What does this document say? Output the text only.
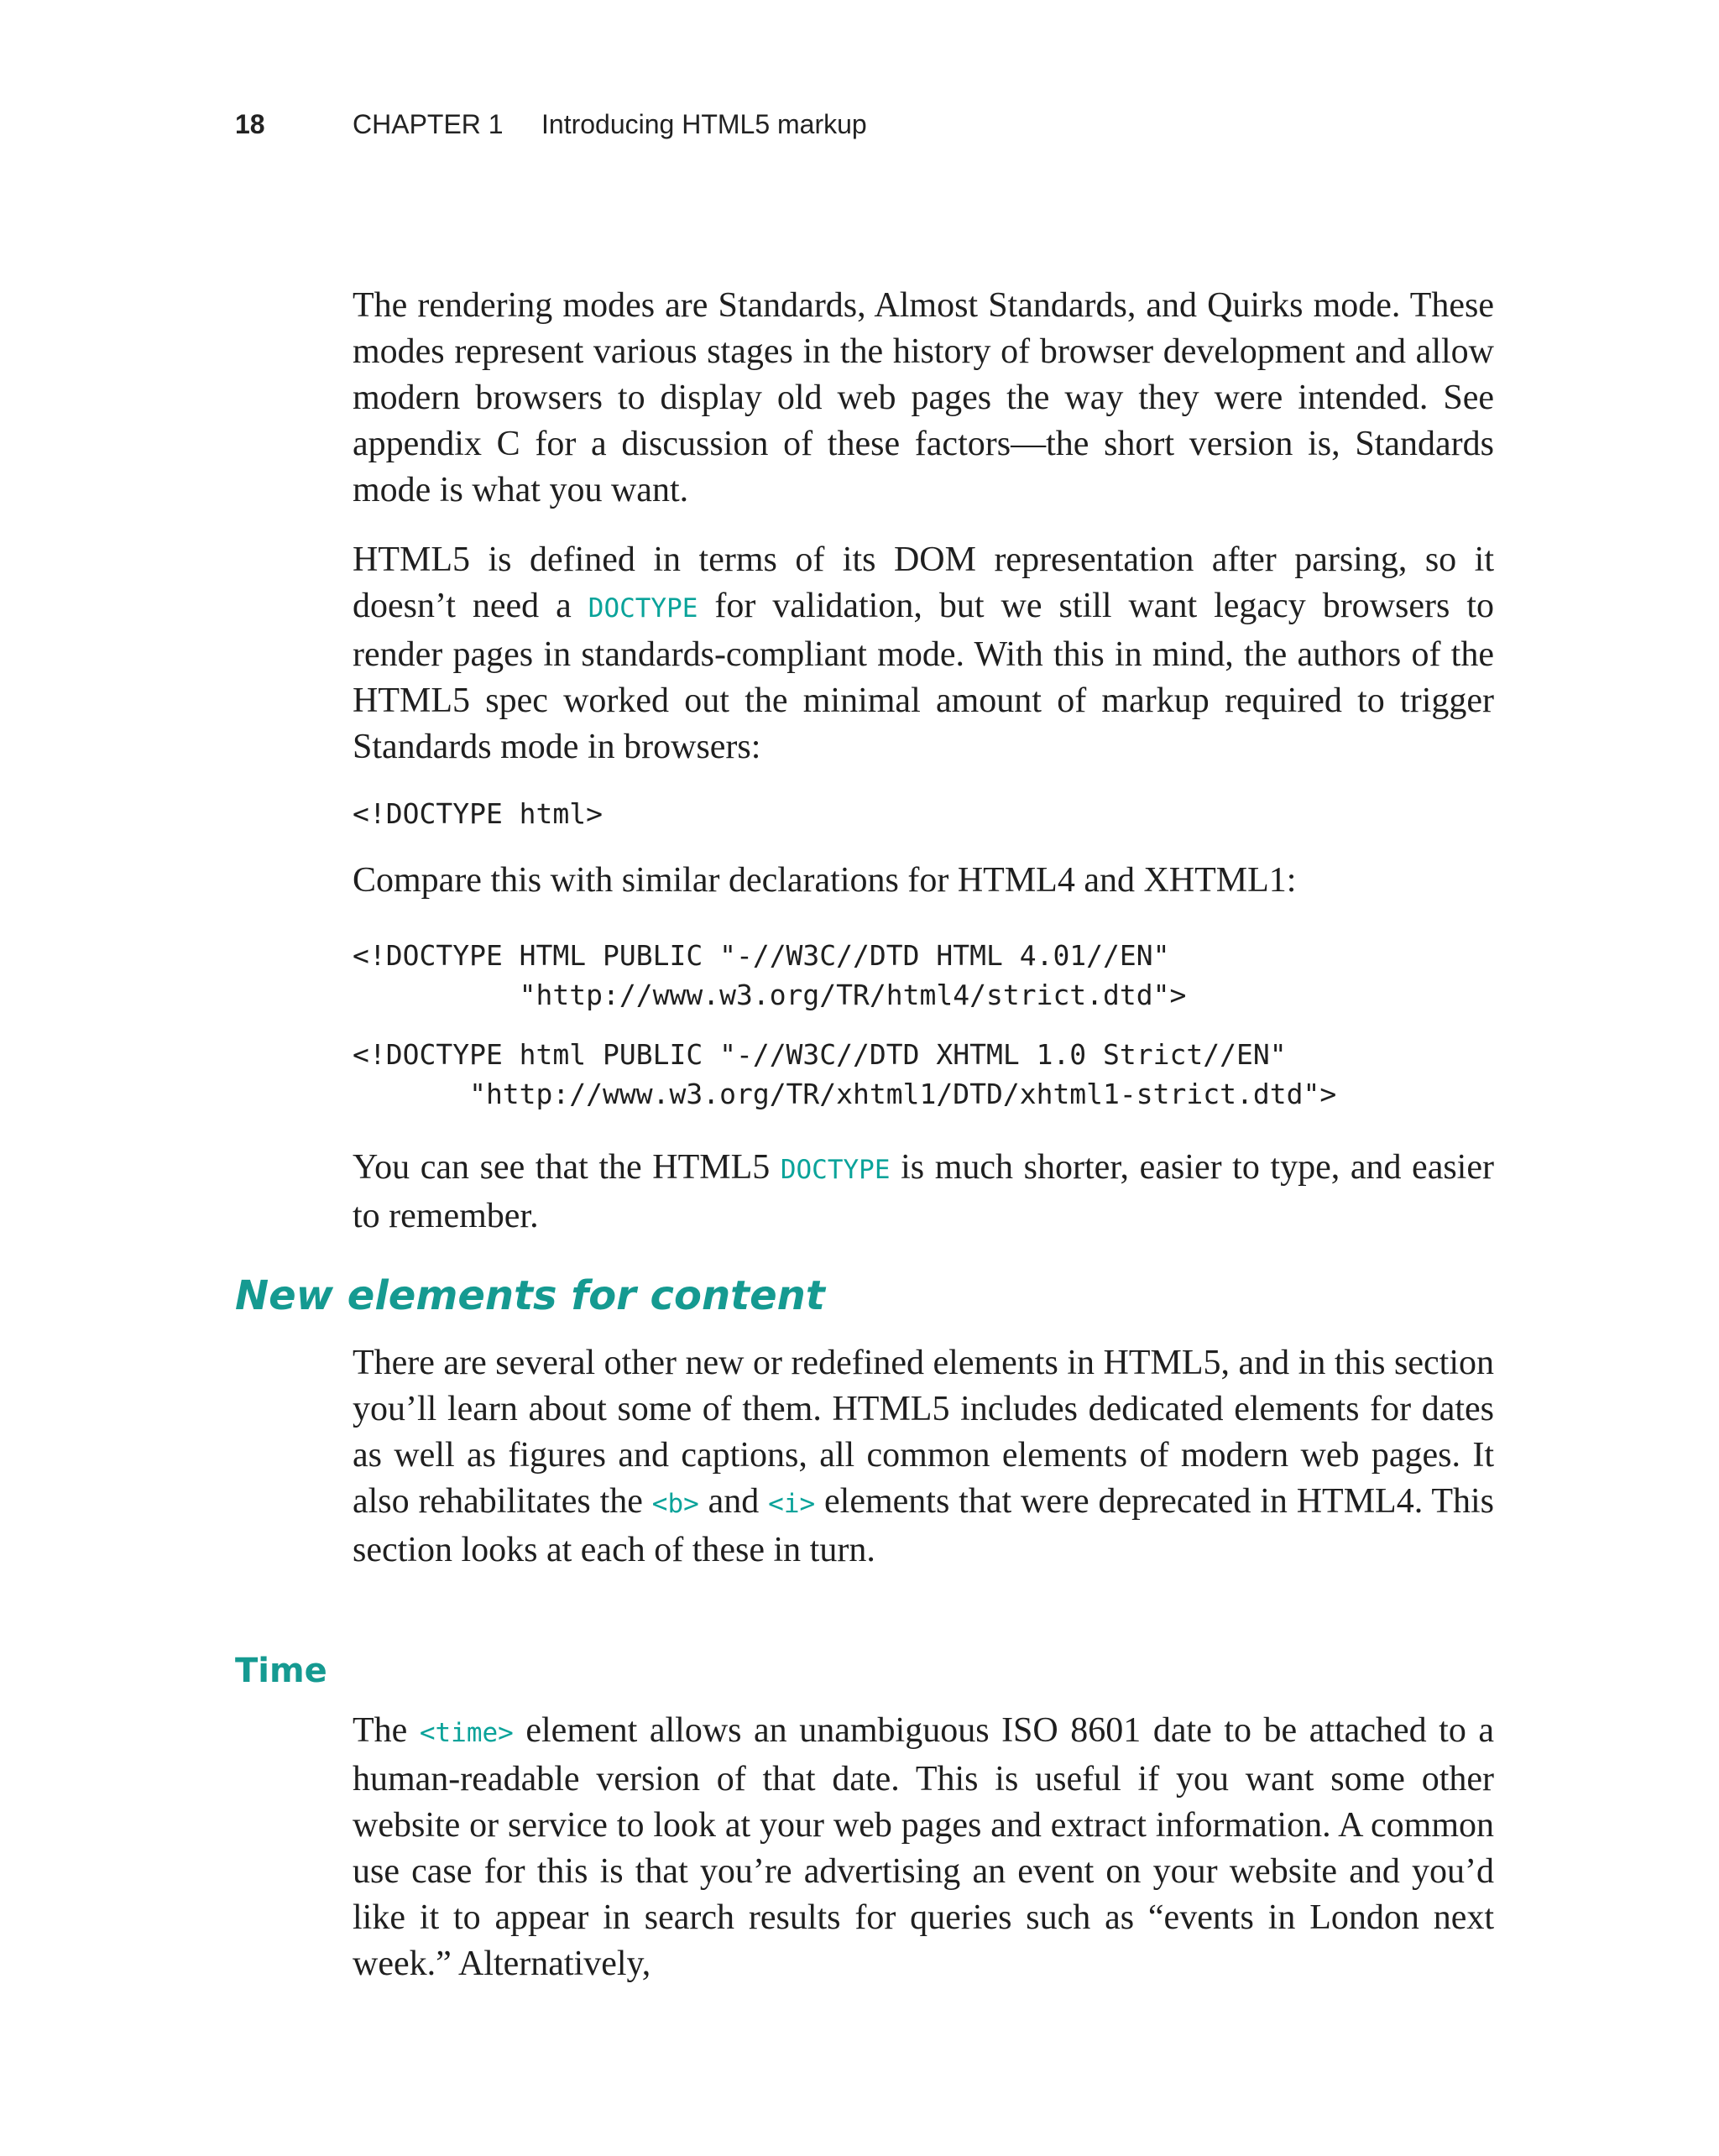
18	CHAPTER 1 Introducing HTML5 markup

The rendering modes are Standards, Almost Standards, and Quirks mode. These modes represent various stages in the history of browser development and allow modern browsers to display old web pages the way they were intended. See appendix C for a discussion of these factors—the short version is, Standards mode is what you want.

HTML5 is defined in terms of its DOM representation after parsing, so it doesn’t need a DOCTYPE for validation, but we still want legacy browsers to render pages in standards-compliant mode. With this in mind, the authors of the HTML5 spec worked out the minimal amount of markup required to trigger Standards mode in browsers:

<!DOCTYPE html>

Compare this with similar declarations for HTML4 and XHTML1:

<!DOCTYPE HTML PUBLIC "-//W3C//DTD HTML 4.01//EN"
"http://www.w3.org/TR/html4/strict.dtd">
<!DOCTYPE html PUBLIC "-//W3C//DTD XHTML 1.0 Strict//EN"
"http://www.w3.org/TR/xhtml1/DTD/xhtml1-strict.dtd">

You can see that the HTML5 DOCTYPE is much shorter, easier to type, and easier to remember.

New elements for content

There are several other new or redefined elements in HTML5, and in this section you’ll learn about some of them. HTML5 includes dedicated elements for dates as well as figures and captions, all common elements of modern web pages. It also rehabilitates the <b> and <i> elements that were deprecated in HTML4. This section looks at each of these in turn.

Time

The <time> element allows an unambiguous ISO 8601 date to be attached to a human-readable version of that date. This is useful if you want some other website or service to look at your web pages and extract information. A common use case for this is that you’re advertising an event on your website and you’d like it to appear in search results for queries such as “events in London next week.” Alternatively,
